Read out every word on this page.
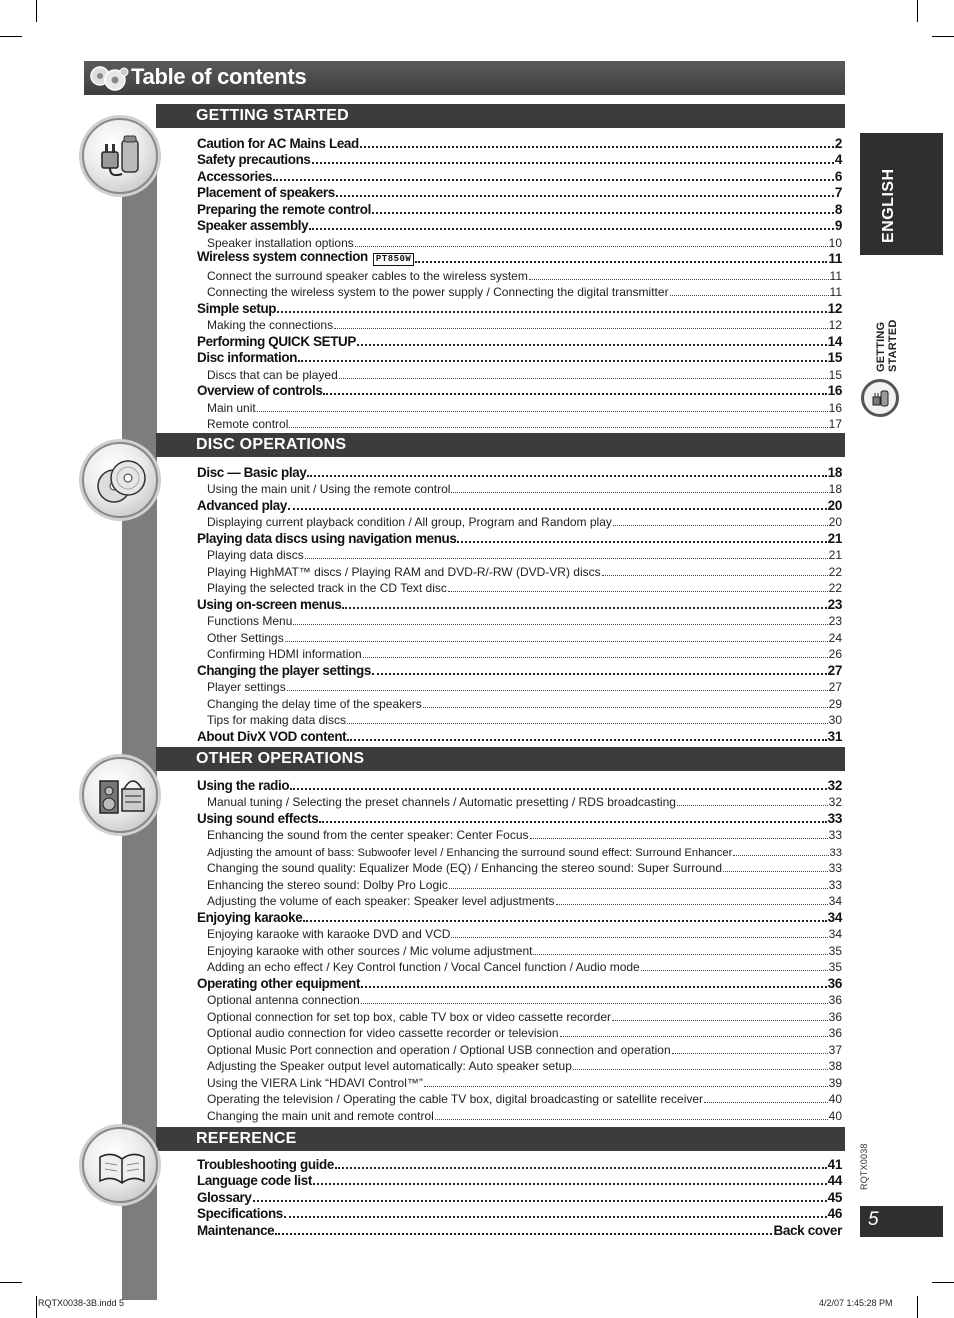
Table of contents
GETTING STARTED
DISC OPERATIONS
OTHER OPERATIONS
REFERENCE
Caution for AC Mains Lead	2
Safety precautions	4
Accessories	6
Placement of speakers	7
Preparing the remote control	8
Speaker assembly	9
Speaker installation options	10
Wireless system connection PT850W	11
Connect the surround speaker cables to the wireless system	11
Connecting the wireless system to the power supply / Connecting the digital transmitter	11
Simple setup	12
Making the connections	12
Performing QUICK SETUP	14
Disc information	15
Discs that can be played	15
Overview of controls	16
Main unit	16
Remote control	17
Disc — Basic play	18
Using the main unit / Using the remote control	18
Advanced play	20
Displaying current playback condition / All group, Program and Random play	20
Playing data discs using navigation menus	21
Playing data discs	21
Playing HighMAT™ discs / Playing RAM and DVD-R/-RW (DVD-VR) discs	22
Playing the selected track in the CD Text disc	22
Using on-screen menus	23
Functions Menu	23
Other Settings	24
Confirming HDMI information	26
Changing the player settings	27
Player settings	27
Changing the delay time of the speakers	29
Tips for making data discs	30
About DivX VOD content	31
Using the radio	32
Manual tuning / Selecting the preset channels / Automatic presetting / RDS broadcasting	32
Using sound effects	33
Enhancing the sound from the center speaker: Center Focus	33
Adjusting the amount of bass: Subwoofer level / Enhancing the surround sound effect: Surround Enhancer	33
Changing the sound quality: Equalizer Mode (EQ) / Enhancing the stereo sound: Super Surround	33
Enhancing the stereo sound: Dolby Pro Logic	33
Adjusting the volume of each speaker: Speaker level adjustments	34
Enjoying karaoke	34
Enjoying karaoke with karaoke DVD and VCD	34
Enjoying karaoke with other sources / Mic volume adjustment	35
Adding an echo effect / Key Control function / Vocal Cancel function / Audio mode	35
Operating other equipment	36
Optional antenna connection	36
Optional connection for set top box, cable TV box or video cassette recorder	36
Optional audio connection for video cassette recorder or television	36
Optional Music Port connection and operation / Optional USB connection and operation	37
Adjusting the Speaker output level automatically: Auto speaker setup	38
Using the VIERA Link “HDAVI Control™”	39
Operating the television / Operating the cable TV box, digital broadcasting or satellite receiver	40
Changing the main unit and remote control	40
Troubleshooting guide	41
Language code list	44
Glossary	45
Specifications	46
Maintenance	Back cover
ENGLISH
GETTING STARTED
RQTX0038
5
RQTX0038-3B.indd 5	4/2/07 1:45:28 PM
